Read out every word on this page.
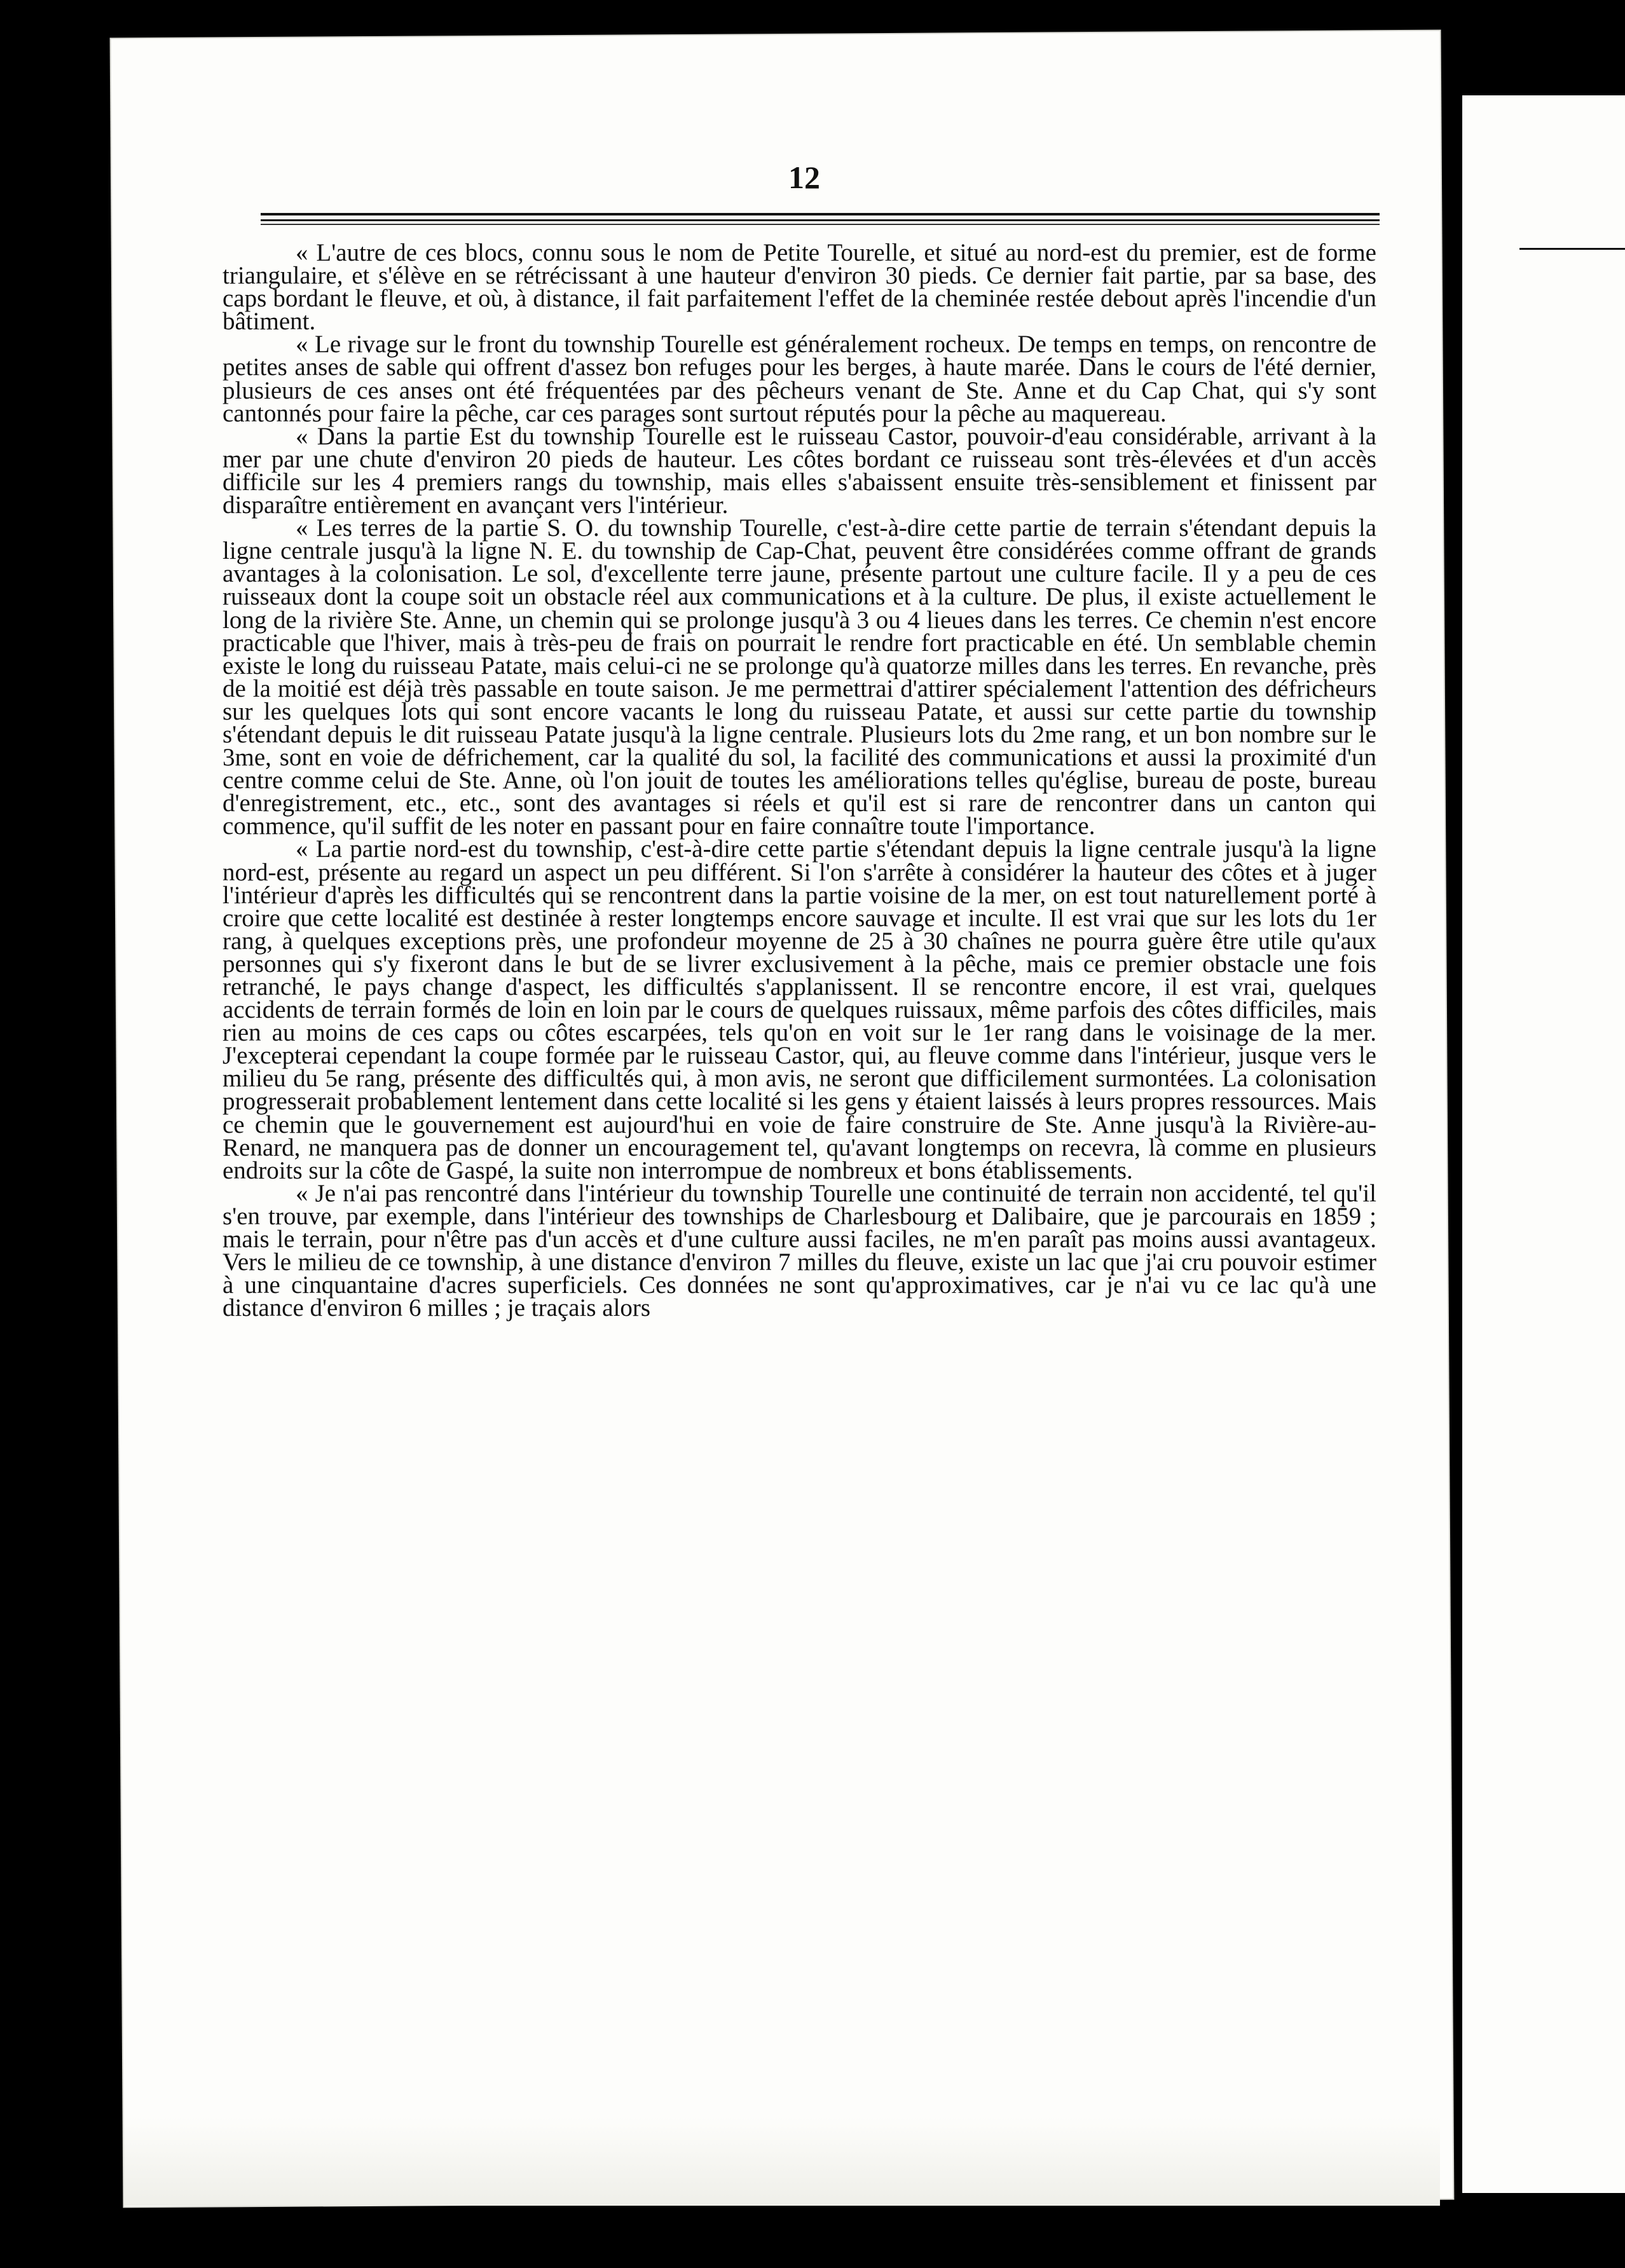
12

« L'autre de ces blocs, connu sous le nom de Petite Tourelle, et situé au nord-est du premier, est de forme triangulaire, et s'élève en se rétrécissant à une hauteur d'environ 30 pieds. Ce dernier fait partie, par sa base, des caps bordant le fleuve, et où, à distance, il fait parfaitement l'effet de la cheminée restée debout après l'incendie d'un bâtiment.

« Le rivage sur le front du township Tourelle est généralement rocheux. De temps en temps, on rencontre de petites anses de sable qui offrent d'assez bon refuges pour les berges, à haute marée. Dans le cours de l'été dernier, plusieurs de ces anses ont été fréquentées par des pêcheurs venant de Ste. Anne et du Cap Chat, qui s'y sont cantonnés pour faire la pêche, car ces parages sont surtout réputés pour la pêche au maquereau.

« Dans la partie Est du township Tourelle est le ruisseau Castor, pouvoir-d'eau considérable, arrivant à la mer par une chute d'environ 20 pieds de hauteur. Les côtes bordant ce ruisseau sont très-élevées et d'un accès difficile sur les 4 premiers rangs du township, mais elles s'abaissent ensuite très-sensiblement et finissent par disparaître entièrement en avançant vers l'intérieur.

« Les terres de la partie S. O. du township Tourelle, c'est-à-dire cette partie de terrain s'étendant depuis la ligne centrale jusqu'à la ligne N. E. du township de Cap-Chat, peuvent être considérées comme offrant de grands avantages à la colonisation. Le sol, d'excellente terre jaune, présente partout une culture facile. Il y a peu de ces ruisseaux dont la coupe soit un obstacle réel aux communications et à la culture. De plus, il existe actuellement le long de la rivière Ste. Anne, un chemin qui se prolonge jusqu'à 3 ou 4 lieues dans les terres. Ce chemin n'est encore practicable que l'hiver, mais à très-peu de frais on pourrait le rendre fort practicable en été. Un semblable chemin existe le long du ruisseau Patate, mais celui-ci ne se prolonge qu'à quatorze milles dans les terres. En revanche, près de la moitié est déjà très passable en toute saison. Je me permettrai d'attirer spécialement l'attention des défricheurs sur les quelques lots qui sont encore vacants le long du ruisseau Patate, et aussi sur cette partie du township s'étendant depuis le dit ruisseau Patate jusqu'à la ligne centrale. Plusieurs lots du 2me rang, et un bon nombre sur le 3me, sont en voie de défrichement, car la qualité du sol, la facilité des communications et aussi la proximité d'un centre comme celui de Ste. Anne, où l'on jouit de toutes les améliorations telles qu'église, bureau de poste, bureau d'enregistrement, etc., etc., sont des avantages si réels et qu'il est si rare de rencontrer dans un canton qui commence, qu'il suffit de les noter en passant pour en faire connaître toute l'importance.

« La partie nord-est du township, c'est-à-dire cette partie s'étendant depuis la ligne centrale jusqu'à la ligne nord-est, présente au regard un aspect un peu différent. Si l'on s'arrête à considérer la hauteur des côtes et à juger l'intérieur d'après les difficultés qui se rencontrent dans la partie voisine de la mer, on est tout naturellement porté à croire que cette localité est destinée à rester longtemps encore sauvage et inculte. Il est vrai que sur les lots du 1er rang, à quelques exceptions près, une profondeur moyenne de 25 à 30 chaînes ne pourra guère être utile qu'aux personnes qui s'y fixeront dans le but de se livrer exclusivement à la pêche, mais ce premier obstacle une fois retranché, le pays change d'aspect, les difficultés s'applanissent. Il se rencontre encore, il est vrai, quelques accidents de terrain formés de loin en loin par le cours de quelques ruissaux, même parfois des côtes difficiles, mais rien au moins de ces caps ou côtes escarpées, tels qu'on en voit sur le 1er rang dans le voisinage de la mer. J'excepterai cependant la coupe formée par le ruisseau Castor, qui, au fleuve comme dans l'intérieur, jusque vers le milieu du 5e rang, présente des difficultés qui, à mon avis, ne seront que difficilement surmontées. La colonisation progresserait probablement lentement dans cette localité si les gens y étaient laissés à leurs propres ressources. Mais ce chemin que le gouvernement est aujourd'hui en voie de faire construire de Ste. Anne jusqu'à la Rivière-au-Renard, ne manquera pas de donner un encouragement tel, qu'avant longtemps on recevra, là comme en plusieurs endroits sur la côte de Gaspé, la suite non interrompue de nombreux et bons établissements.

« Je n'ai pas rencontré dans l'intérieur du township Tourelle une continuité de terrain non accidenté, tel qu'il s'en trouve, par exemple, dans l'intérieur des townships de Charlesbourg et Dalibaire, que je parcourais en 1859 ; mais le terrain, pour n'être pas d'un accès et d'une culture aussi faciles, ne m'en paraît pas moins aussi avantageux. Vers le milieu de ce township, à une distance d'environ 7 milles du fleuve, existe un lac que j'ai cru pouvoir estimer à une cinquantaine d'acres superficiels. Ces données ne sont qu'approximatives, car je n'ai vu ce lac qu'à une distance d'environ 6 milles ; je traçais alors
